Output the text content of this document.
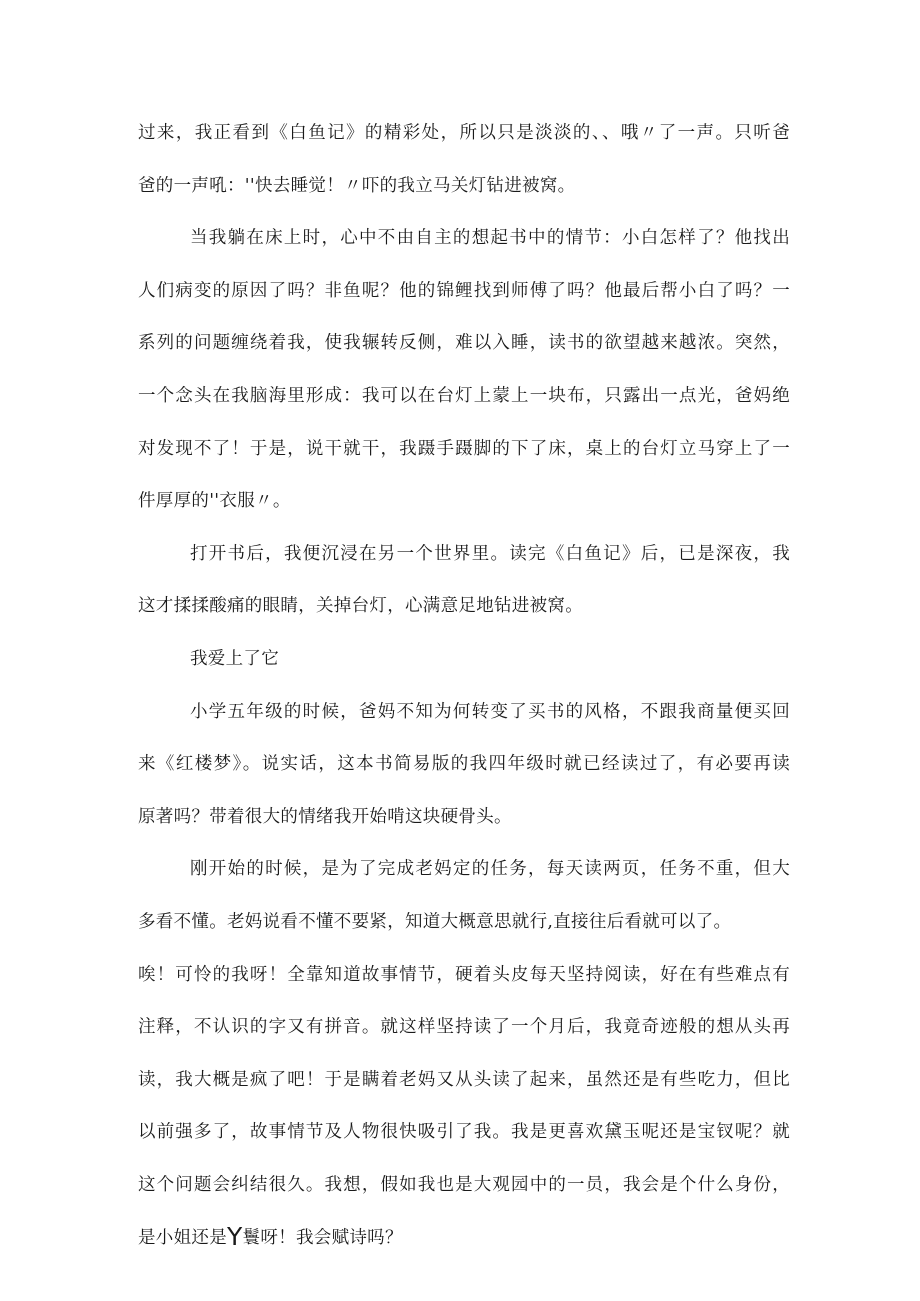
过来，我正看到《白鱼记》的精彩处，所以只是淡淡的、、哦〃了一声。只听爸
爸的一声吼：''快去睡觉！〃吓的我立马关灯钻进被窝。
当我躺在床上时，心中不由自主的想起书中的情节：小白怎样了？他找出
人们病变的原因了吗？非鱼呢？他的锦鲤找到师傅了吗？他最后帮小白了吗？一
系列的问题缠绕着我，使我辗转反侧，难以入睡，读书的欲望越来越浓。突然，
一个念头在我脑海里形成：我可以在台灯上蒙上一块布，只露出一点光，爸妈绝
对发现不了！于是，说干就干，我蹑手蹑脚的下了床，桌上的台灯立马穿上了一
件厚厚的''衣服〃。
打开书后，我便沉浸在另一个世界里。读完《白鱼记》后，已是深夜，我
这才揉揉酸痛的眼睛，关掉台灯，心满意足地钻进被窝。
我爱上了它
小学五年级的时候，爸妈不知为何转变了买书的风格，不跟我商量便买回
来《红楼梦》。说实话，这本书简易版的我四年级时就已经读过了，有必要再读
原著吗？带着很大的情绪我开始啃这块硬骨头。
刚开始的时候，是为了完成老妈定的任务，每天读两页，任务不重，但大
多看不懂。老妈说看不懂不要紧，知道大概意思就行,直接往后看就可以了。
唉！可怜的我呀！全靠知道故事情节，硬着头皮每天坚持阅读，好在有些难点有
注释，不认识的字又有拼音。就这样坚持读了一个月后，我竟奇迹般的想从头再
读，我大概是疯了吧！于是瞒着老妈又从头读了起来，虽然还是有些吃力，但比
以前强多了，故事情节及人物很快吸引了我。我是更喜欢黛玉呢还是宝钗呢？就
这个问题会纠结很久。我想，假如我也是大观园中的一员，我会是个什么身份，
是小姐还是Y鬟呀！我会赋诗吗？
